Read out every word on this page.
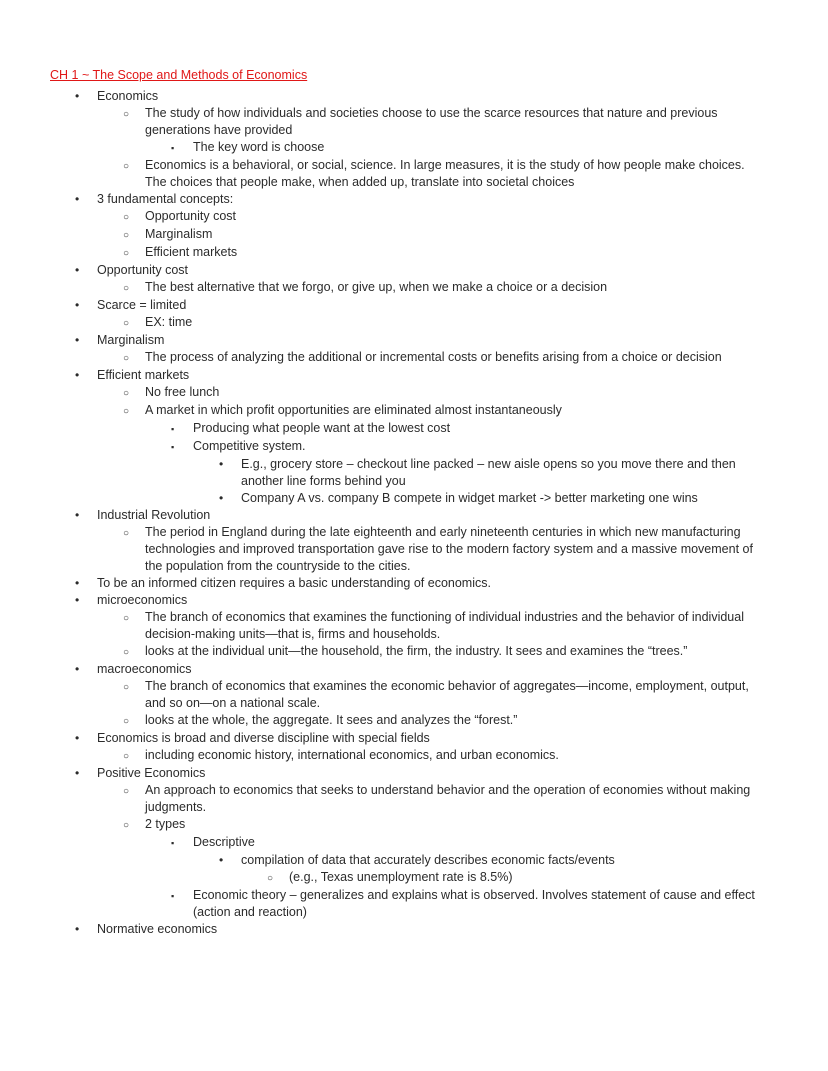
CH 1 ~ The Scope and Methods of Economics
•	Economics
○	The study of how individuals and societies choose to use the scarce resources that nature and previous generations have provided
▪	The key word is choose
○	Economics is a behavioral, or social, science. In large measures, it is the study of how people make choices. The choices that people make, when added up, translate into societal choices
•	3 fundamental concepts:
○	Opportunity cost
○	Marginalism
○	Efficient markets
•	Opportunity cost
○	The best alternative that we forgo, or give up, when we make a choice or a decision
•	Scarce = limited
○	EX: time
•	Marginalism
○	The process of analyzing the additional or incremental costs or benefits arising from a choice or decision
•	Efficient markets
○	No free lunch
○	A market in which profit opportunities are eliminated almost instantaneously
▪	Producing what people want at the lowest cost
▪	Competitive system.
•	E.g., grocery store – checkout line packed – new aisle opens so you move there and then another line forms behind you
•	Company A vs. company B compete in widget market -> better marketing one wins
•	Industrial Revolution
○	The period in England during the late eighteenth and early nineteenth centuries in which new manufacturing technologies and improved transportation gave rise to the modern factory system and a massive movement of the population from the countryside to the cities.
•	To be an informed citizen requires a basic understanding of economics.
•	microeconomics
○	The branch of economics that examines the functioning of individual industries and the behavior of individual decision-making units—that is, firms and households.
○	looks at the individual unit—the household, the firm, the industry. It sees and examines the “trees.”
•	macroeconomics
○	The branch of economics that examines the economic behavior of aggregates—income, employment, output, and so on—on a national scale.
○	looks at the whole, the aggregate. It sees and analyzes the “forest.”
•	Economics is broad and diverse discipline with special fields
○	including economic history, international economics, and urban economics.
•	Positive Economics
○	An approach to economics that seeks to understand behavior and the operation of economies without making judgments.
○	2 types
▪	Descriptive
•	compilation of data that accurately describes economic facts/events
○	(e.g., Texas unemployment rate is 8.5%)
▪	Economic theory – generalizes and explains what is observed. Involves statement of cause and effect (action and reaction)
•	Normative economics
